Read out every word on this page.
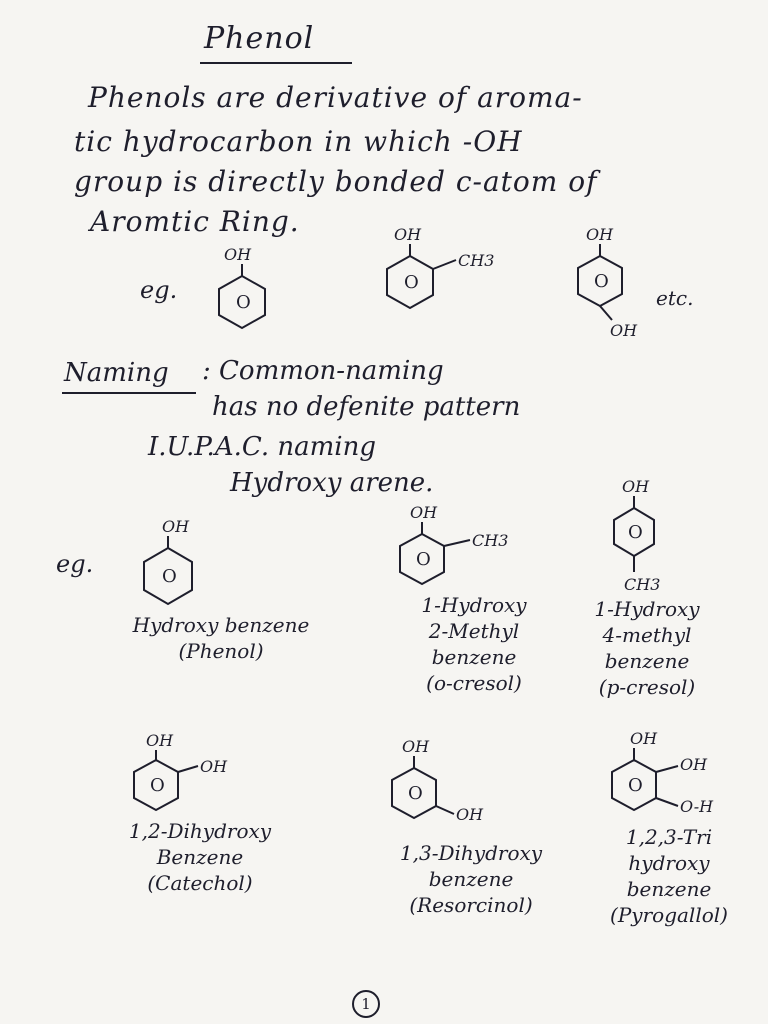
Phenol
Phenols are derivative of aroma-
tic hydrocarbon in which -OH
group is directly bonded c-atom of
Aromtic Ring.
eg.
OH
O
OH
CH3
O
OH
OH
O
etc.
Naming : Common-naming
has no defenite pattern
I.U.P.A.C. naming
Hydroxy arene.
eg.
OH
O
Hydroxy benzene
(Phenol)
OH
CH3
O
1-Hydroxy
2-Methyl
benzene
(o-cresol)
OH
CH3
O
1-Hydroxy
4-methyl
benzene
(p-cresol)
OH
OH
O
1,2-Dihydroxy
Benzene
(Catechol)
OH
OH
O
1,3-Dihydroxy
benzene
(Resorcinol)
OH
OH
O-H
O
1,2,3-Tri
hydroxy
benzene
(Pyrogallol)
1
